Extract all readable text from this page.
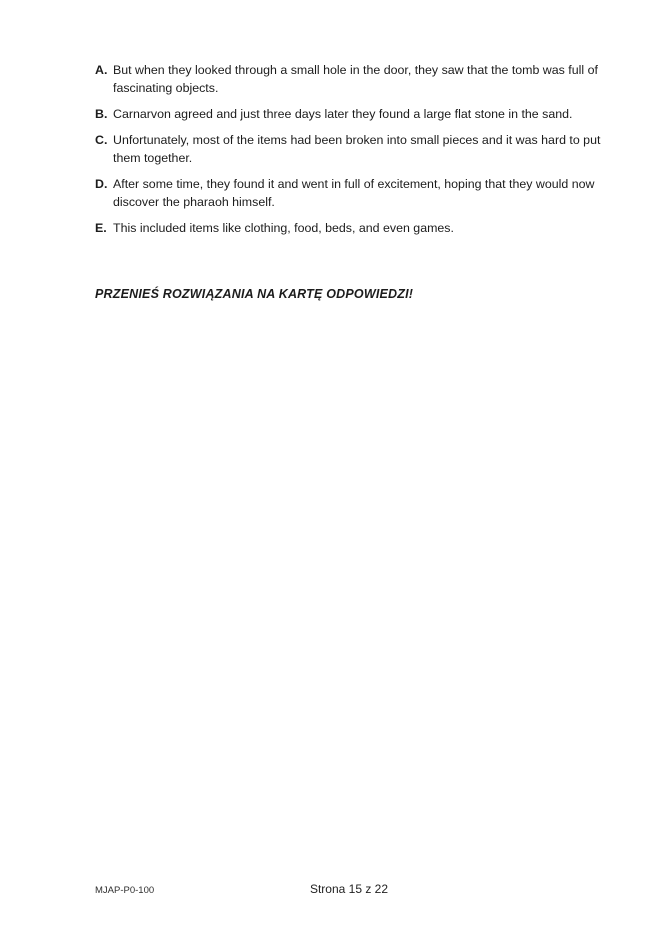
A. But when they looked through a small hole in the door, they saw that the tomb was full of fascinating objects.
B. Carnarvon agreed and just three days later they found a large flat stone in the sand.
C. Unfortunately, most of the items had been broken into small pieces and it was hard to put them together.
D. After some time, they found it and went in full of excitement, hoping that they would now discover the pharaoh himself.
E. This included items like clothing, food, beds, and even games.

PRZENIEŚ ROZWIĄZANIA NA KARTĘ ODPOWIEDZI!

MJAP-P0-100	Strona 15 z 22
